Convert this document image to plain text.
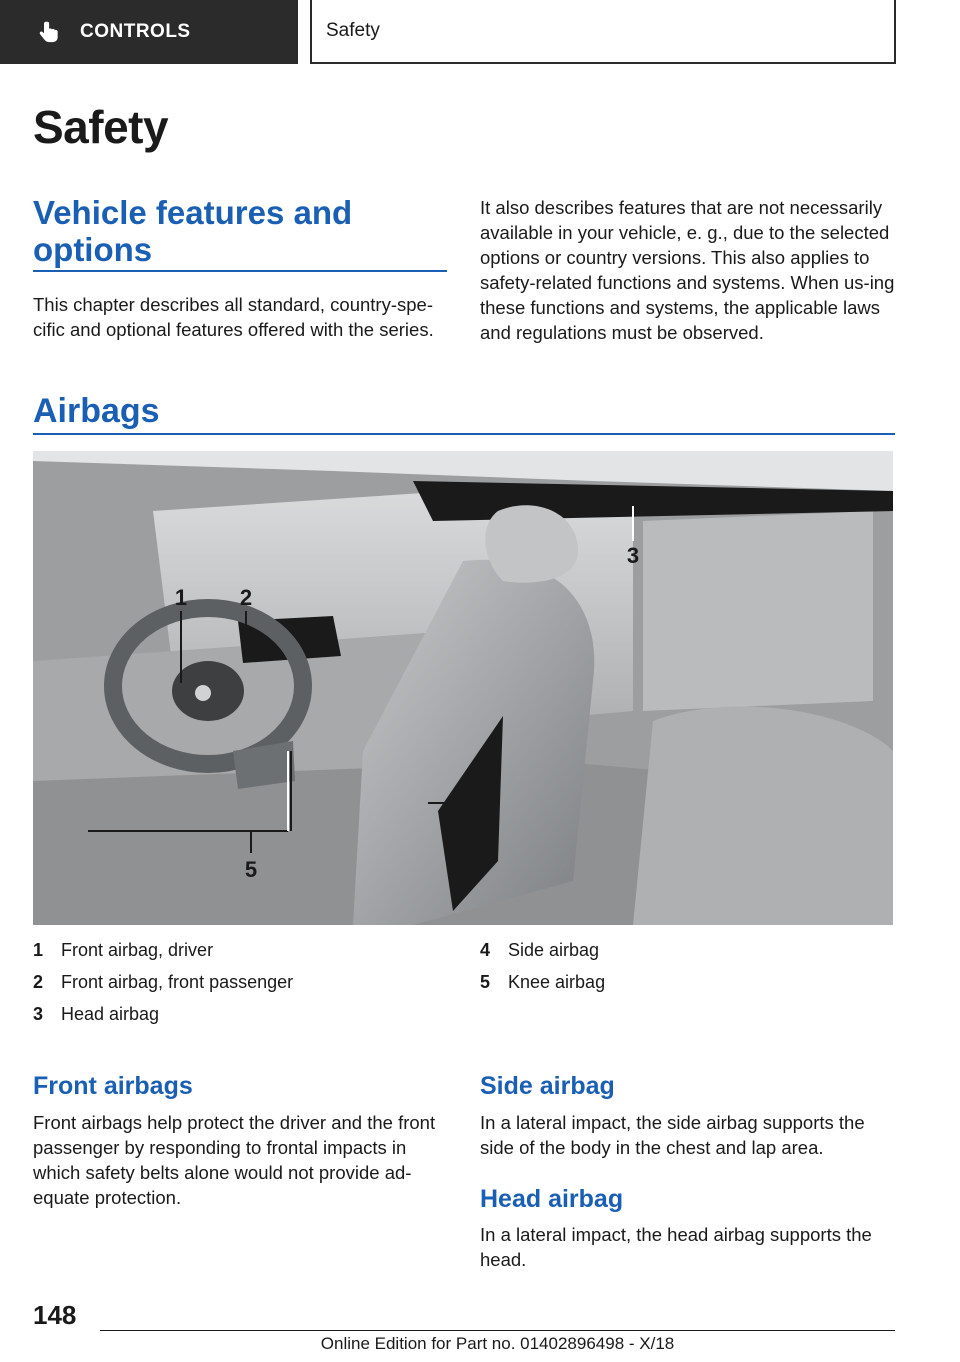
CONTROLS	Safety
Safety
Vehicle features and options
This chapter describes all standard, country-spe-cific and optional features offered with the series.
It also describes features that are not necessarily available in your vehicle, e. g., due to the selected options or country versions. This also applies to safety-related functions and systems. When us-ing these functions and systems, the applicable laws and regulations must be observed.
Airbags
1 2
3
4
5
1 Front airbag, driver
2 Front airbag, front passenger
3 Head airbag
4 Side airbag
5 Knee airbag
Front airbags
Front airbags help protect the driver and the front passenger by responding to frontal impacts in which safety belts alone would not provide ad-equate protection.
Side airbag
In a lateral impact, the side airbag supports the side of the body in the chest and lap area.
Head airbag
In a lateral impact, the head airbag supports the head.
148
Online Edition for Part no. 01402896498 - X/18
